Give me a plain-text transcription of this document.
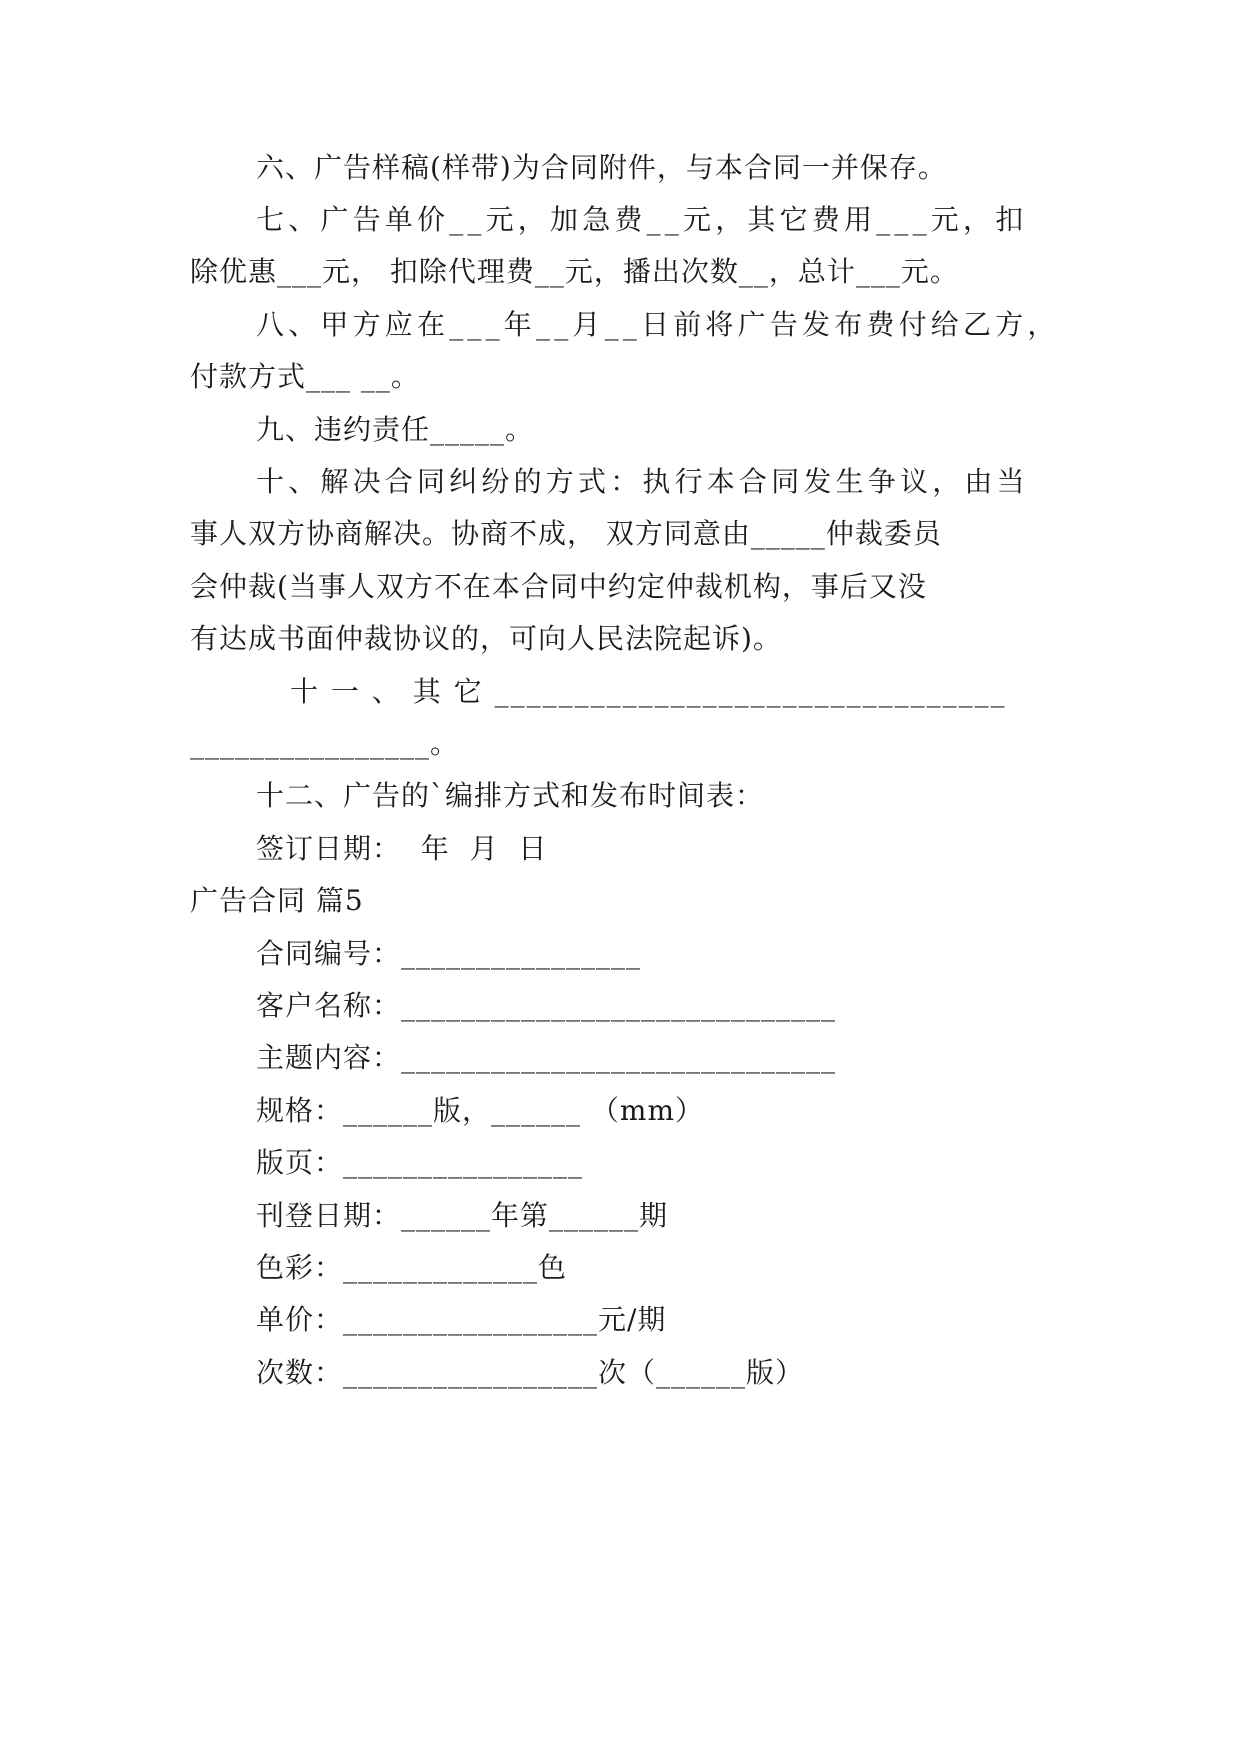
六、广告样稿(样带)为合同附件，与本合同一并保存。

七、广告单价__元，加急费__元，其它费用___元，扣

除优惠___元， 扣除代理费__元，播出次数__，总计___元。

八、甲方应在___年__月__日前将广告发布费付给乙方，

付款方式___ __。

九、违约责任_____。

十、解决合同纠纷的方式：执行本合同发生争议，由当

事人双方协商解决。协商不成， 双方同意由_____仲裁委员

会仲裁(当事人双方不在本合同中约定仲裁机构，事后又没

有达成书面仲裁协议的，可向人民法院起诉)。

十 一 、 其 它 ________________________________

________________。

十二、广告的`编排方式和发布时间表：

签订日期：  年  月  日

广告合同 篇5

合同编号：________________

客户名称：_____________________________

主题内容：_____________________________

规格：______版，______ （mm）

版页：________________

刊登日期：______年第______期

色彩：_____________色

单价：_________________元/期

次数：_________________次（______版）
